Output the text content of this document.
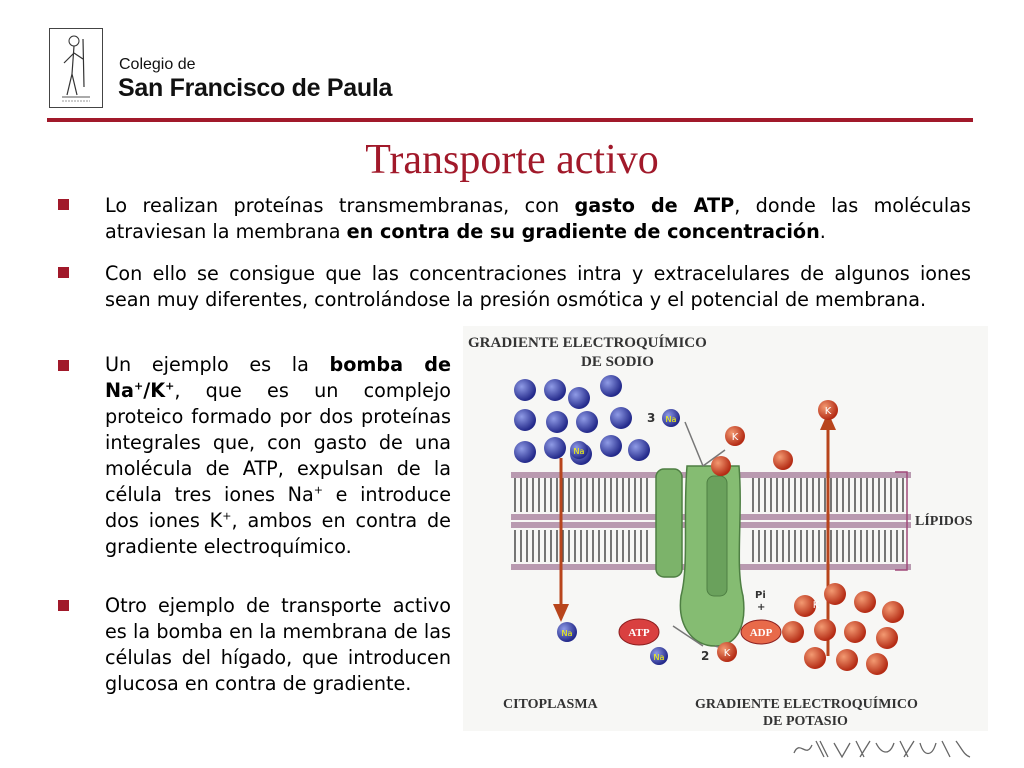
Colegio de
San Francisco de Paula
Transporte activo
Lo realizan proteínas transmembranas, con gasto de ATP, donde las moléculas atraviesan la membrana en contra de su gradiente de concentración.
Con ello se consigue que las concentraciones intra y extracelulares de algunos iones sean muy diferentes, controlándose la presión osmótica y el potencial de membrana.
Un ejemplo es la bomba de Na+/K+, que es un complejo proteico formado por dos proteínas integrales que, con gasto de una molécula de ATP, expulsan de la célula tres iones Na+ e introduce dos iones K+, ambos en contra de gradiente electroquímico.
Otro ejemplo de transporte activo es la bomba en la membrana de las células del hígado, que introducen glucosa en contra de gradiente.
GRADIENTE ELECTROQUÍMICO
DE SODIO
LÍPIDOS
Na
3 Na
K
K
K
Na	ATP	ADP
Pi
+
Na	2 K
CITOPLASMA	GRADIENTE ELECTROQUÍMICO
DE POTASIO
